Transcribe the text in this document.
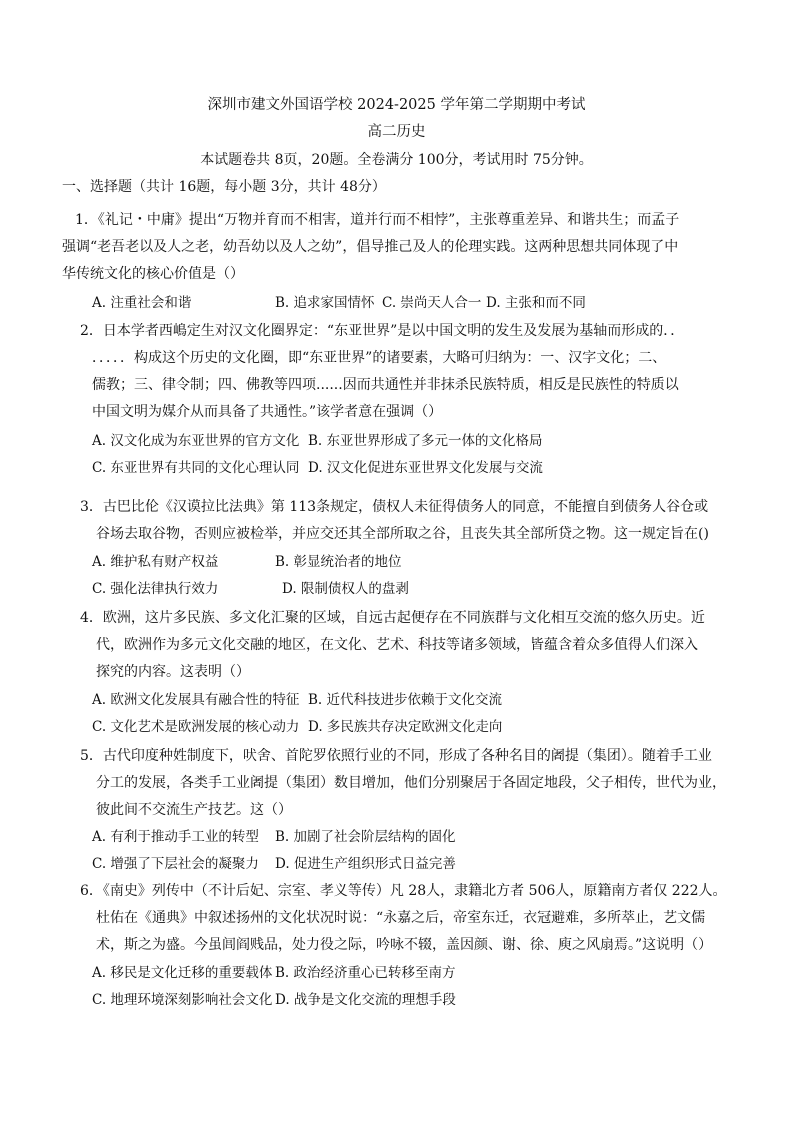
深圳市建文外国语学校 2024-2025 学年第二学期期中考试
高二历史
本试题卷共 8页，20题。全卷满分 100分，考试用时 75分钟。
一、选择题（共计 16题，每小题 3分，共计 48分）
1．《礼记・中庸》提出“万物并育而不相害，道并行而不相悖”，主张尊重差异、和谐共生；而孟子
强调“老吾老以及人之老，幼吾幼以及人之幼”，倡导推己及人的伦理实践。这两种思想共同体现了中
华传统文化的核心价值是（）
A. 注重社会和谐	B. 追求家国情怀 C. 崇尚天人合一 D. 主张和而不同
2．日本学者西嶋定生对汉文化圈界定：“东亚世界”是以中国文明的发生及发展为基轴而形成的．．
．．．．．构成这个历史的文化圈，即“东亚世界”的诸要素，大略可归纳为：一、汉字文化；二、
儒教；三、律令制；四、佛教等四项......因而共通性并非抹杀民族特质，相反是民族性的特质以
中国文明为媒介从而具备了共通性。”该学者意在强调（）
A. 汉文化成为东亚世界的官方文化 B. 东亚世界形成了多元一体的文化格局
C. 东亚世界有共同的文化心理认同 D. 汉文化促进东亚世界文化发展与交流
3．古巴比伦《汉谟拉比法典》第 113条规定，债权人未征得债务人的同意，不能擅自到债务人谷仓或
谷场去取谷物，否则应被检举，并应交还其全部所取之谷，且丧失其全部所贷之物。这一规定旨在()
A. 维护私有财产权益	B. 彰显统治者的地位
C. 强化法律执行效力	D. 限制债权人的盘剥
4．欧洲，这片多民族、多文化汇聚的区域，自远古起便存在不同族群与文化相互交流的悠久历史。近
代，欧洲作为多元文化交融的地区，在文化、艺术、科技等诸多领域，皆蕴含着众多值得人们深入
探究的内容。这表明（）
A. 欧洲文化发展具有融合性的特征 B. 近代科技进步依赖于文化交流
C. 文化艺术是欧洲发展的核心动力 D. 多民族共存决定欧洲文化走向
5．古代印度种姓制度下，吠舍、首陀罗依照行业的不同，形成了各种名目的阇提（集团）。随着手工业
分工的发展，各类手工业阇提（集团）数目增加，他们分别聚居于各固定地段，父子相传，世代为业，
彼此间不交流生产技艺。这（）
A. 有利于推动手工业的转型 B. 加剧了社会阶层结构的固化
C. 增强了下层社会的凝聚力 D. 促进生产组织形式日益完善
6．《南史》列传中（不计后妃、宗室、孝义等传）凡 28人，隶籍北方者 506人，原籍南方者仅 222人。
杜佑在《通典》中叙述扬州的文化状况时说：“永嘉之后，帝室东迁，衣冠避难，多所萃止，艺文儒
术，斯之为盛。今虽闾阎贱品，处力役之际，吟咏不辍，盖因颜、谢、徐、庾之风扇焉。”这说明（）
A. 移民是文化迁移的重要载体 B. 政治经济重心已转移至南方
C. 地理环境深刻影响社会文化 D. 战争是文化交流的理想手段
